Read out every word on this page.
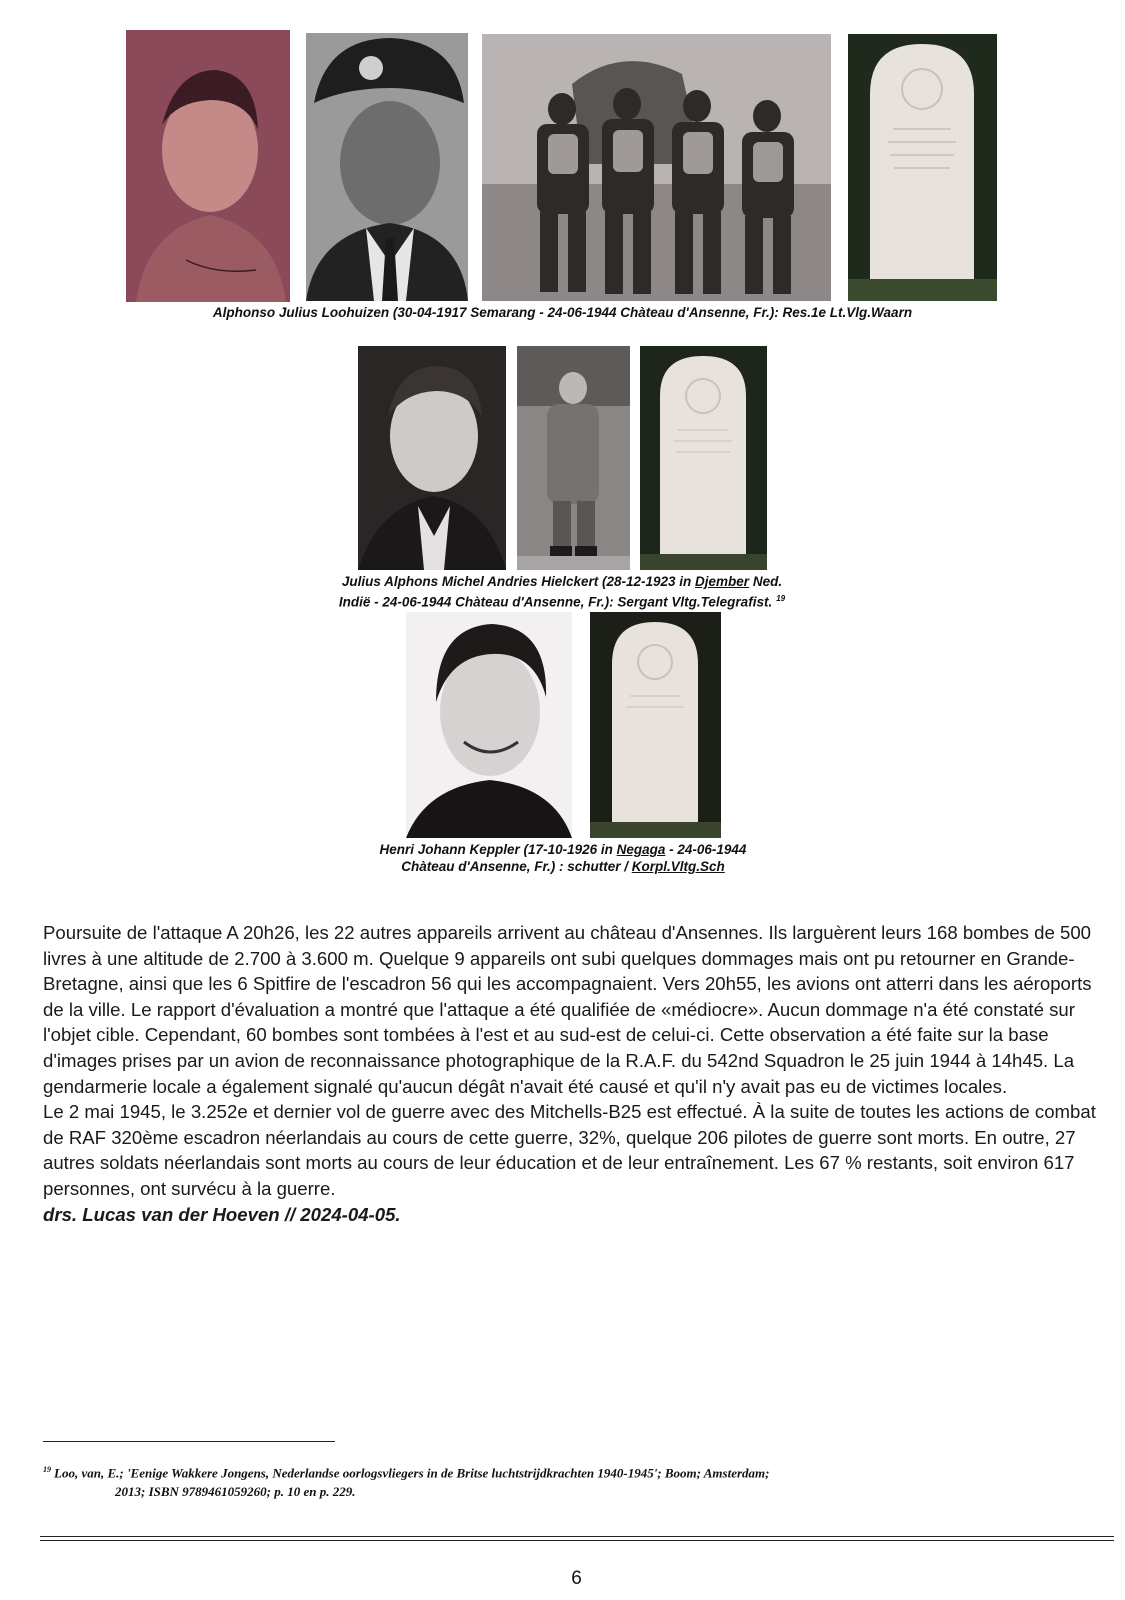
Alphonso Julius Loohuizen (30-04-1917 Semarang - 24-06-1944 Chàteau d'Ansenne, Fr.): Res.1e Lt.Vlg.Waarn
Julius Alphons Michel Andries Hielckert (28-12-1923 in Djember Ned.
Indië - 24-06-1944 Chàteau d'Ansenne, Fr.): Sergant Vltg.Telegrafist. $^{19}$
Henri Johann Keppler (17-10-1926 in Negaga - 24-06-1944
Chàteau d'Ansenne, Fr.) : schutter / Korpl.Vltg.Sch

Poursuite de l'attaque A 20h26, les 22 autres appareils arrivent au château d'Ansennes. Ils larguèrent leurs 168 bombes de 500 livres à une altitude de 2.700 à 3.600 m. Quelque 9 appareils ont subi quelques dommages mais ont pu retourner en Grande-Bretagne, ainsi que les 6 Spitfire de l'escadron 56 qui les accompagnaient. Vers 20h55, les avions ont atterri dans les aéroports de la ville. Le rapport d'évaluation a montré que l'attaque a été qualifiée de «médiocre». Aucun dommage n'a été constaté sur l'objet cible. Cependant, 60 bombes sont tombées à l'est et au sud-est de celui-ci. Cette observation a été faite sur la base d'images prises par un avion de reconnaissance photographique de la R.A.F. du 542nd Squadron le 25 juin 1944 à 14h45. La gendarmerie locale a également signalé qu'aucun dégât n'avait été causé et qu'il n'y avait pas eu de victimes locales.

Le 2 mai 1945, le 3.252e et dernier vol de guerre avec des Mitchells-B25 est effectué. À la suite de toutes les actions de combat de RAF 320ème escadron néerlandais au cours de cette guerre, 32%, quelque 206 pilotes de guerre sont morts. En outre, 27 autres soldats néerlandais sont morts au cours de leur éducation et de leur entraînement. Les 67 % restants, soit environ 617 personnes, ont survécu à la guerre.

drs. Lucas van der Hoeven // 2024-04-05.

$^{19}$ Loo, van, E.; 'Eenige Wakkere Jongens, Nederlandse oorlogsvliegers in de Britse luchtstrijdkrachten 1940-1945'; Boom; Amsterdam;
2013; ISBN 9789461059260; p. 10 en p. 229.
6
